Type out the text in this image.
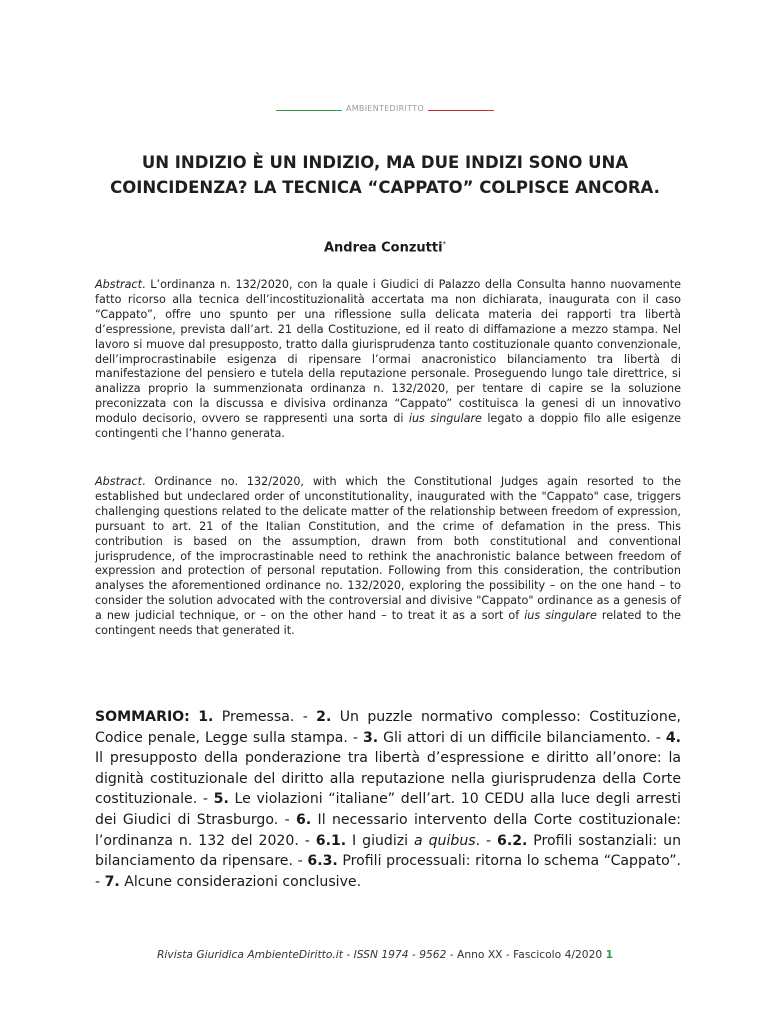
AMBIENTEDIRITTO
UN INDIZIO È UN INDIZIO, MA DUE INDIZI SONO UNA COINCIDENZA? LA TECNICA “CAPPATO” COLPISCE ANCORA.
Andrea Conzutti*

Abstract. L’ordinanza n. 132/2020, con la quale i Giudici di Palazzo della Consulta hanno nuovamente fatto ricorso alla tecnica dell’incostituzionalità accertata ma non dichiarata, inaugurata con il caso “Cappato”, offre uno spunto per una riflessione sulla delicata materia dei rapporti tra libertà d’espressione, prevista dall’art. 21 della Costituzione, ed il reato di diffamazione a mezzo stampa. Nel lavoro si muove dal presupposto, tratto dalla giurisprudenza tanto costituzionale quanto convenzionale, dell’improcrastinabile esigenza di ripensare l’ormai anacronistico bilanciamento tra libertà di manifestazione del pensiero e tutela della reputazione personale. Proseguendo lungo tale direttrice, si analizza proprio la summenzionata ordinanza n. 132/2020, per tentare di capire se la soluzione preconizzata con la discussa e divisiva ordinanza “Cappato” costituisca la genesi di un innovativo modulo decisorio, ovvero se rappresenti una sorta di ius singulare legato a doppio filo alle esigenze contingenti che l’hanno generata.

Abstract. Ordinance no. 132/2020, with which the Constitutional Judges again resorted to the established but undeclared order of unconstitutionality, inaugurated with the "Cappato" case, triggers challenging questions related to the delicate matter of the relationship between freedom of expression, pursuant to art. 21 of the Italian Constitution, and the crime of defamation in the press. This contribution is based on the assumption, drawn from both constitutional and conventional jurisprudence, of the improcrastinable need to rethink the anachronistic balance between freedom of expression and protection of personal reputation. Following from this consideration, the contribution analyses the aforementioned ordinance no. 132/2020, exploring the possibility – on the one hand – to consider the solution advocated with the controversial and divisive "Cappato" ordinance as a genesis of a new judicial technique, or – on the other hand – to treat it as a sort of ius singulare related to the contingent needs that generated it.

SOMMARIO: 1. Premessa. - 2. Un puzzle normativo complesso: Costituzione, Codice penale, Legge sulla stampa. - 3. Gli attori di un difficile bilanciamento. - 4. Il presupposto della ponderazione tra libertà d’espressione e diritto all’onore: la dignità costituzionale del diritto alla reputazione nella giurisprudenza della Corte costituzionale. - 5. Le violazioni “italiane” dell’art. 10 CEDU alla luce degli arresti dei Giudici di Strasburgo. - 6. Il necessario intervento della Corte costituzionale: l’ordinanza n. 132 del 2020. - 6.1. I giudizi a quibus. - 6.2. Profili sostanziali: un bilanciamento da ripensare. - 6.3. Profili processuali: ritorna lo schema “Cappato”. - 7. Alcune considerazioni conclusive.

Rivista Giuridica AmbienteDiritto.it - ISSN 1974 - 9562 - Anno XX - Fascicolo 4/2020 1
